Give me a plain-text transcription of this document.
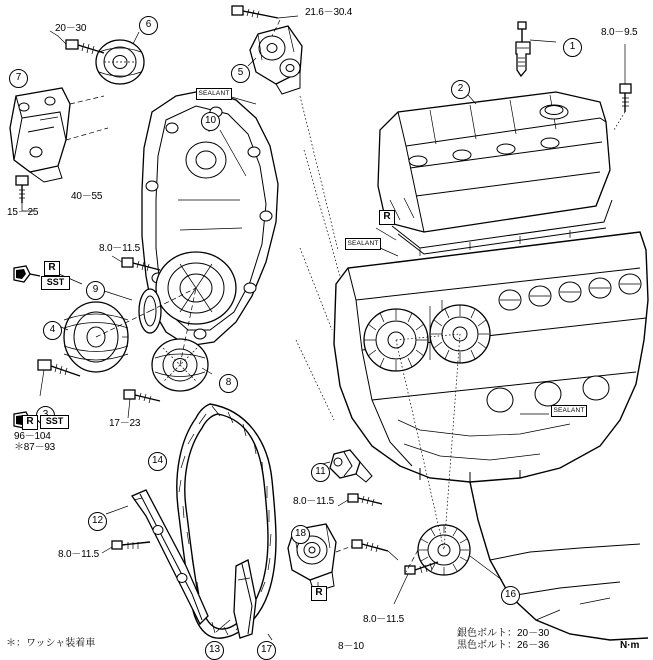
1
2
4
5
6
7
8
9
10
11
12
13
14
16
17
18
20－30
21.6－30.4
8.0－9.5
15－25
40－55
8.0－11.5
17－23
8.0－11.5
8.0－11.5
8.0－11.5
8－10
96－104
＊87－93
SEALANT
SEALANT
SEALANT
R
R
R
R
SST
SST
＊：ワッシャ装着車
銀色ボルト：20－30
黒色ボルト：26－36	N·m
